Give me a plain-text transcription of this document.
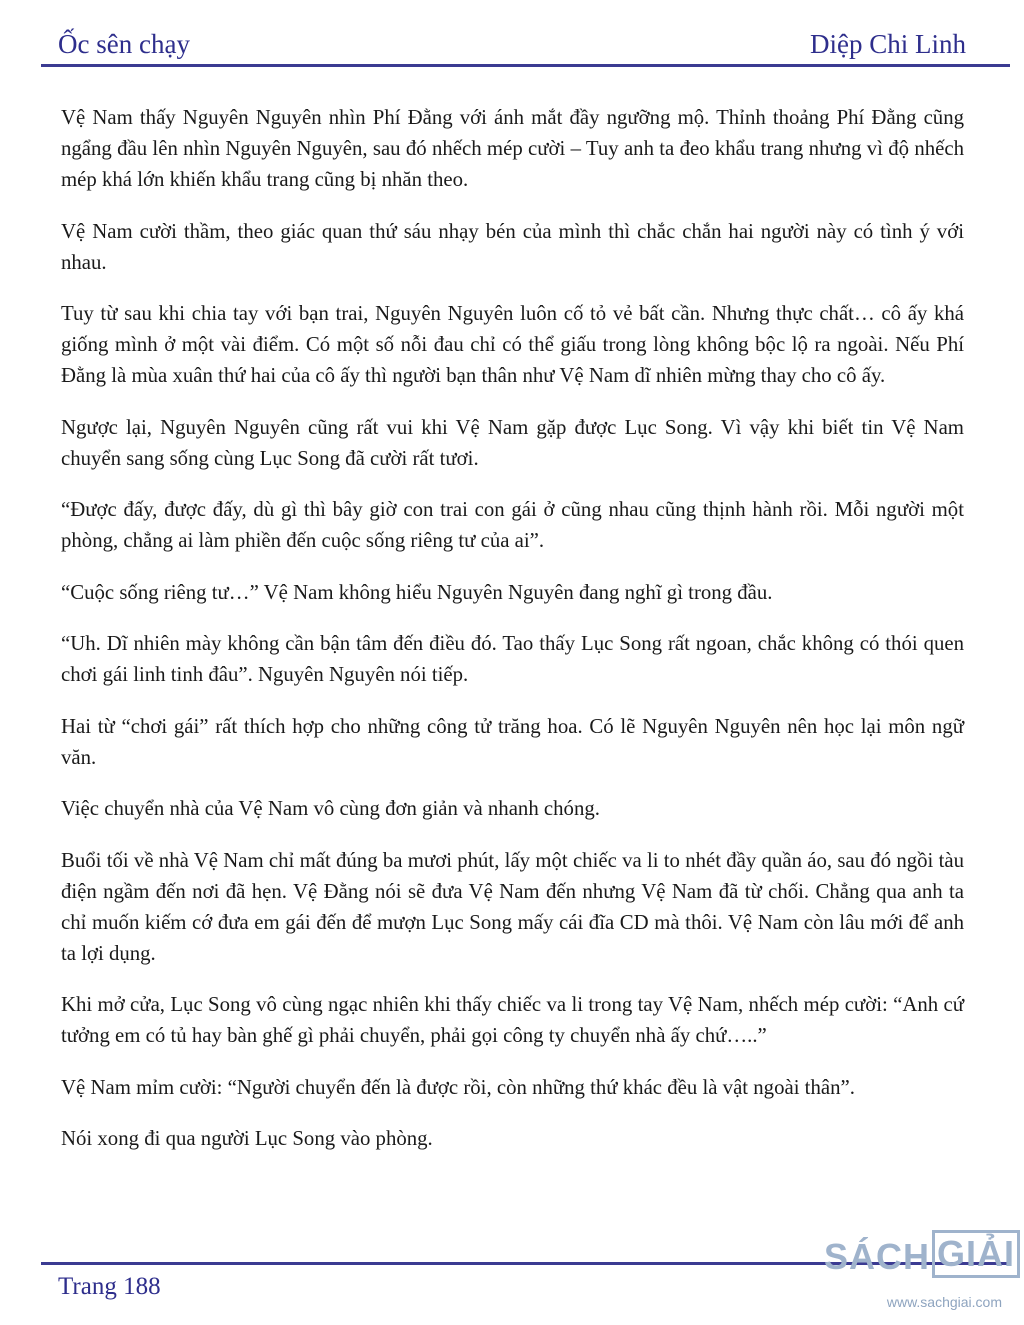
Ốc sên chạy	Diệp Chi Linh

Vệ Nam thấy Nguyên Nguyên nhìn Phí Đằng với ánh mắt đầy ngưỡng mộ. Thỉnh thoảng Phí Đằng cũng ngẩng đầu lên nhìn Nguyên Nguyên, sau đó nhếch mép cười – Tuy anh ta đeo khẩu trang nhưng vì độ nhếch mép khá lớn khiến khẩu trang cũng bị nhăn theo.

Vệ Nam cười thầm, theo giác quan thứ sáu nhạy bén của mình thì chắc chắn hai người này có tình ý với nhau.

Tuy từ sau khi chia tay với bạn trai, Nguyên Nguyên luôn cố tỏ vẻ bất cần. Nhưng thực chất… cô ấy khá giống mình ở một vài điểm. Có một số nỗi đau chỉ có thể giấu trong lòng không bộc lộ ra ngoài. Nếu Phí Đằng là mùa xuân thứ hai của cô ấy thì người bạn thân như Vệ Nam dĩ nhiên mừng thay cho cô ấy.

Ngược lại, Nguyên Nguyên cũng rất vui khi Vệ Nam gặp được Lục Song. Vì vậy khi biết tin Vệ Nam chuyển sang sống cùng Lục Song đã cười rất tươi.

“Được đấy, được đấy, dù gì thì bây giờ con trai con gái ở cũng nhau cũng thịnh hành rồi. Mỗi người một phòng, chẳng ai làm phiền đến cuộc sống riêng tư của ai”.

“Cuộc sống riêng tư…” Vệ Nam không hiểu Nguyên Nguyên đang nghĩ gì trong đầu.

“Uh. Dĩ nhiên mày không cần bận tâm đến điều đó. Tao thấy Lục Song rất ngoan, chắc không có thói quen chơi gái linh tinh đâu”. Nguyên Nguyên nói tiếp.

Hai từ “chơi gái” rất thích hợp cho những công tử trăng hoa. Có lẽ Nguyên Nguyên nên học lại môn ngữ văn.

Việc chuyển nhà của Vệ Nam vô cùng đơn giản và nhanh chóng.

Buổi tối về nhà Vệ Nam chỉ mất đúng ba mươi phút, lấy một chiếc va li to nhét đầy quần áo, sau đó ngồi tàu điện ngầm đến nơi đã hẹn. Vệ Đằng nói sẽ đưa Vệ Nam đến nhưng Vệ Nam đã từ chối. Chẳng qua anh ta chỉ muốn kiếm cớ đưa em gái đến để mượn Lục Song mấy cái đĩa CD mà thôi. Vệ Nam còn lâu mới để anh ta lợi dụng.

Khi mở cửa, Lục Song vô cùng ngạc nhiên khi thấy chiếc va li trong tay Vệ Nam, nhếch mép cười: “Anh cứ tưởng em có tủ hay bàn ghế gì phải chuyển, phải gọi công ty chuyển nhà ấy chứ…..”

Vệ Nam mỉm cười: “Người chuyển đến là được rồi, còn những thứ khác đều là vật ngoài thân”.

Nói xong đi qua người Lục Song vào phòng.

Trang 188
SÁCH GIẢI
www.sachgiai.com
